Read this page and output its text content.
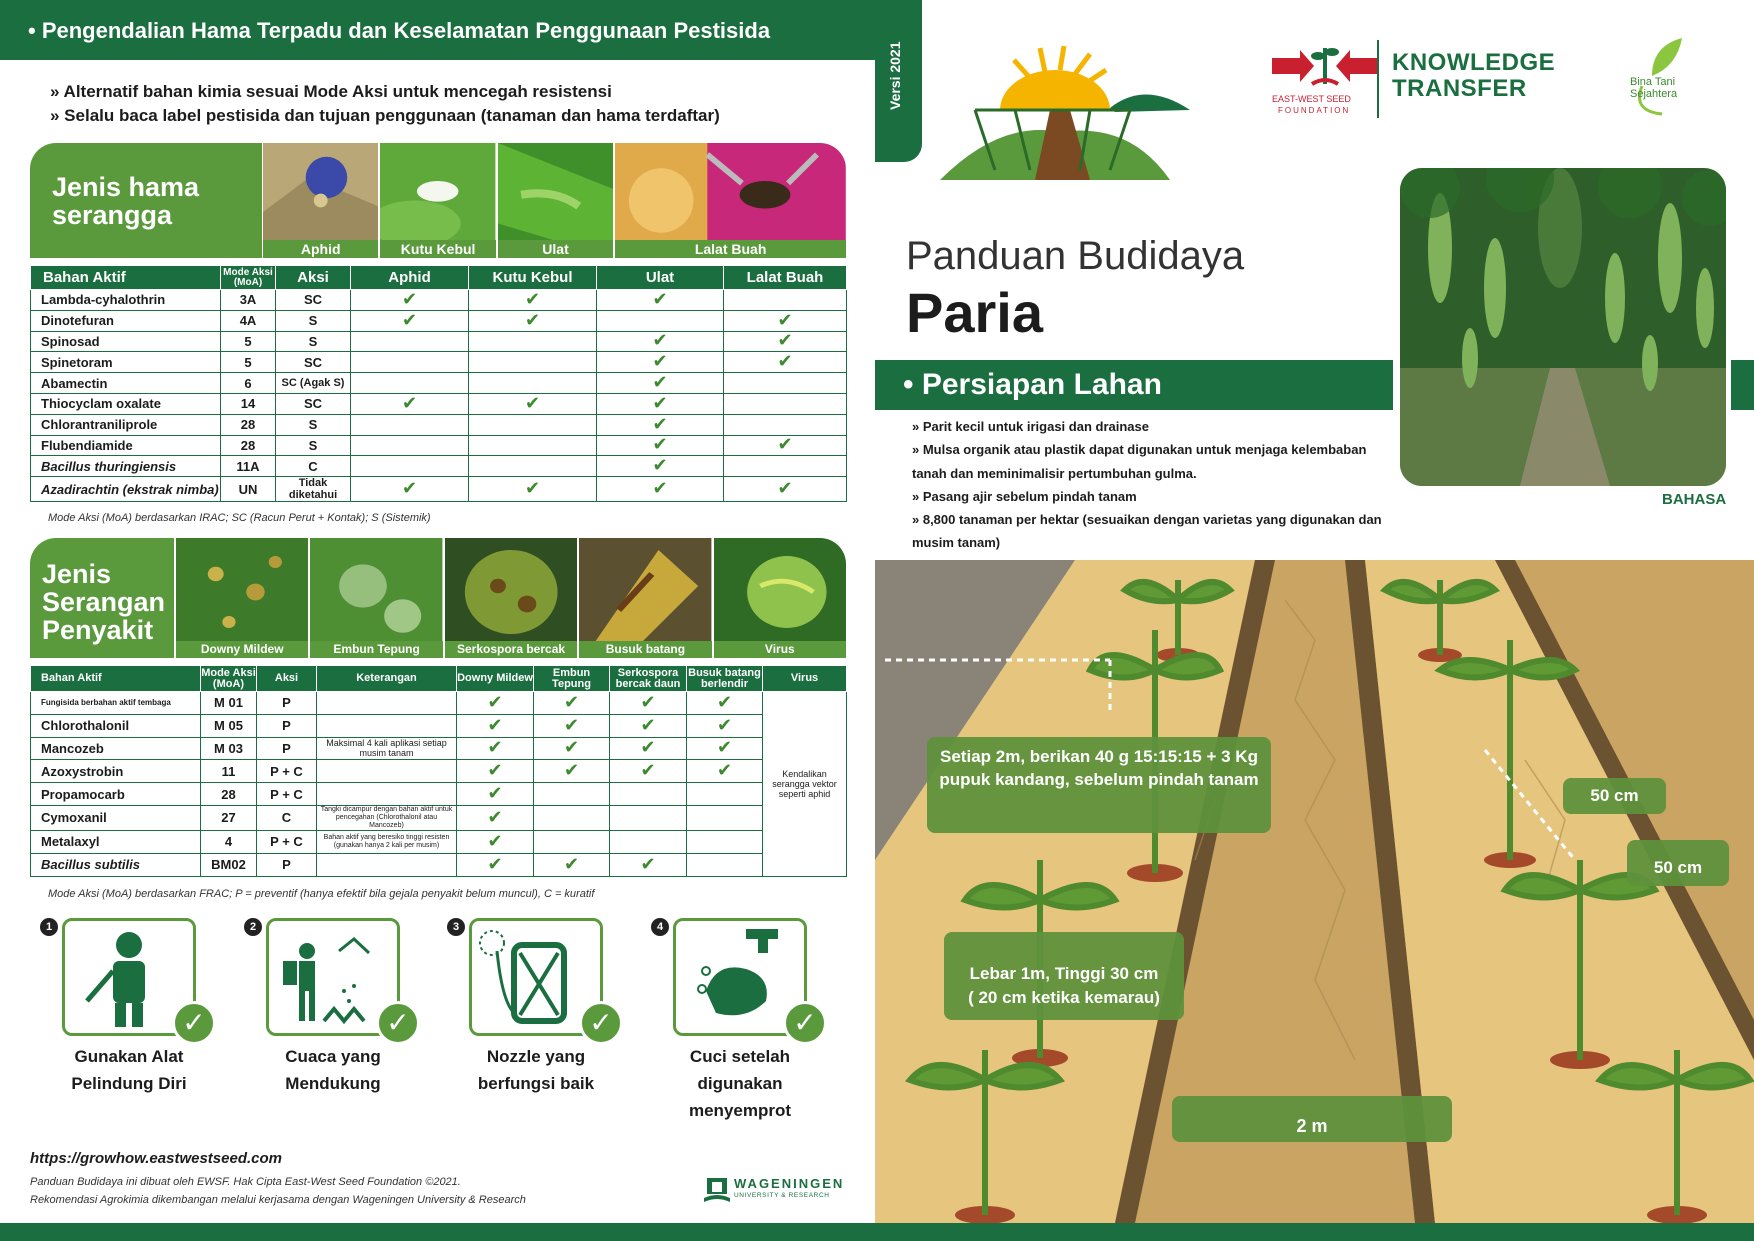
• Pengendalian Hama Terpadu dan Keselamatan Penggunaan Pestisida
» Alternatif bahan kimia sesuai Mode Aksi untuk mencegah resistensi
» Selalu baca label pestisida dan tujuan penggunaan (tanaman dan hama terdaftar)
Jenis hama
serangga
Aphid	Kutu Kebul	Ulat	Lalat Buah
Bahan Aktif	Mode Aksi (MoA)	Aksi	Aphid	Kutu Kebul	Ulat	Lalat Buah
Lambda-cyhalothrin	3A	SC	✔	✔	✔	
Dinotefuran	4A	S	✔	✔		✔
Spinosad	5	S			✔	✔
Spinetoram	5	SC			✔	✔
Abamectin	6	SC (Agak S)			✔	
Thiocyclam oxalate	14	SC	✔	✔	✔	
Chlorantraniliprole	28	S			✔	
Flubendiamide	28	S			✔	✔
Bacillus thuringiensis	11A	C			✔	
Azadirachtin (ekstrak nimba)	UN	Tidak diketahui	✔	✔	✔	✔
Mode Aksi (MoA) berdasarkan IRAC; SC (Racun Perut + Kontak); S (Sistemik)
Jenis
Serangan
Penyakit
Downy Mildew	Embun Tepung	Serkospora bercak	Busuk batang	Virus
Bahan Aktif	Mode Aksi (MoA)	Aksi	Keterangan	Downy Mildew	Embun Tepung	Serkospora bercak daun	Busuk batang berlendir	Virus
Fungisida berbahan aktif tembaga	M 01	P		✔	✔	✔	✔	Kendalikan serangga vektor seperti aphid
Chlorothalonil	M 05	P		✔	✔	✔	✔	
Mancozeb	M 03	P	Maksimal 4 kali aplikasi setiap musim tanam	✔	✔	✔	✔	
Azoxystrobin	11	P + C		✔	✔	✔	✔	
Propamocarb	28	P + C		✔				
Cymoxanil	27	C	Tangki dicampur dengan bahan aktif untuk pencegahan (Chlorothalonil atau Mancozeb)	✔				
Metalaxyl	4	P + C	Bahan aktif yang beresiko tinggi resisten (gunakan hanya 2 kali per musim)	✔				
Bacillus subtilis	BM02	P		✔	✔	✔		
Mode Aksi (MoA) berdasarkan FRAC; P = preventif (hanya efektif bila gejala penyakit belum muncul), C = kuratif
1
✓
Gunakan Alat
Pelindung Diri
2
✓
Cuaca yang Mendukung
3
✓
Nozzle yang
berfungsi baik
4
✓
Cuci setelah
digunakan menyemprot
https://growhow.eastwestseed.com
Panduan Budidaya ini dibuat oleh EWSF. Hak Cipta East-West Seed Foundation ©2021.
Rekomendasi Agrokimia dikembangan melalui kerjasama dengan Wageningen University & Research
WAGENINGEN
UNIVERSITY & RESEARCH
Versi 2021	EAST-WEST SEED
FOUNDATION
KNOWLEDGE
TRANSFER	Bina Tani
Sejahtera
Panduan Budidaya
Paria
BAHASA
• Persiapan Lahan
» Parit kecil untuk irigasi dan drainase
» Mulsa organik atau plastik dapat digunakan untuk menjaga kelembaban tanah dan meminimalisir pertumbuhan gulma.
» Pasang ajir sebelum pindah tanam
» 8,800 tanaman per hektar (sesuaikan dengan varietas yang digunakan dan musim tanam)
Setiap 2m, berikan 40 g 15:15:15 + 3 Kg pupuk kandang, sebelum pindah tanam
Lebar 1m, Tinggi 30 cm
( 20 cm ketika kemarau)
2 m
50 cm
50 cm
